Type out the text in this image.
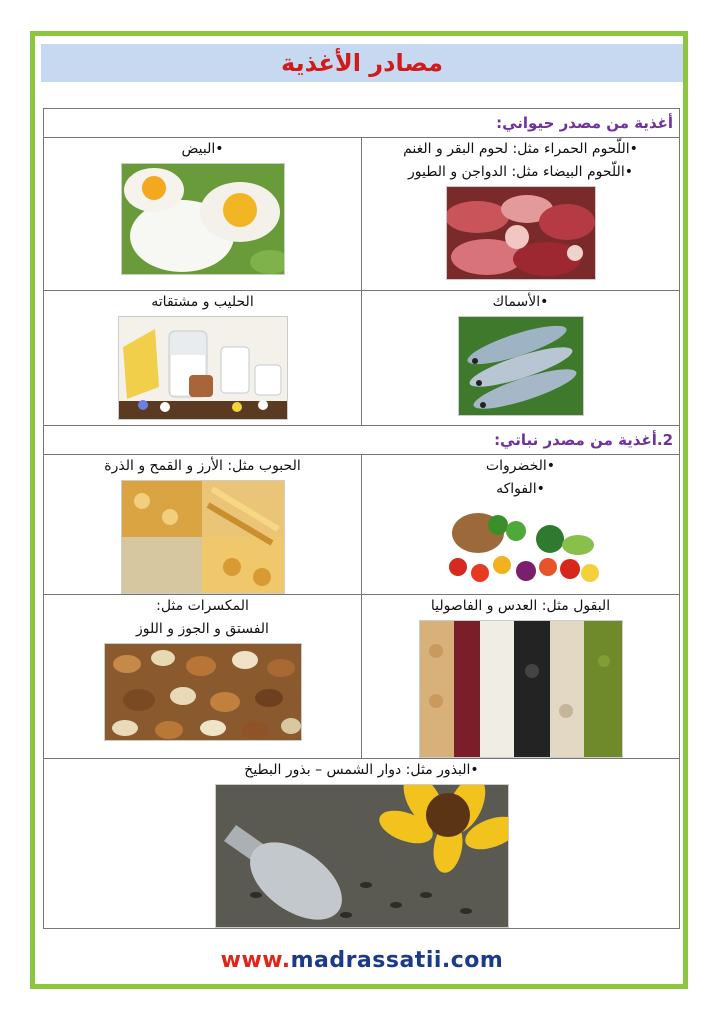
مصادر الأغذية
أغذية من مصدر حيواني:	

•اللّحوم الحمراء مثل: لحوم البقر و الغنم
•اللّحوم البيضاء مثل: الدواجن و الطيور	•البيض

•الأسماك	الحليب و مشتقاته

2.أغذية من مصدر نباتي:	

•الخضروات
•الفواكه	الحبوب مثل: الأرز و القمح و الذرة

البقول مثل: العدس و الفاصوليا	المكسرات مثل:
الفستق و الجوز و اللوز

•البذور مثل: دوار الشمس – بذور البطيخ	
www.madrassatii.com
